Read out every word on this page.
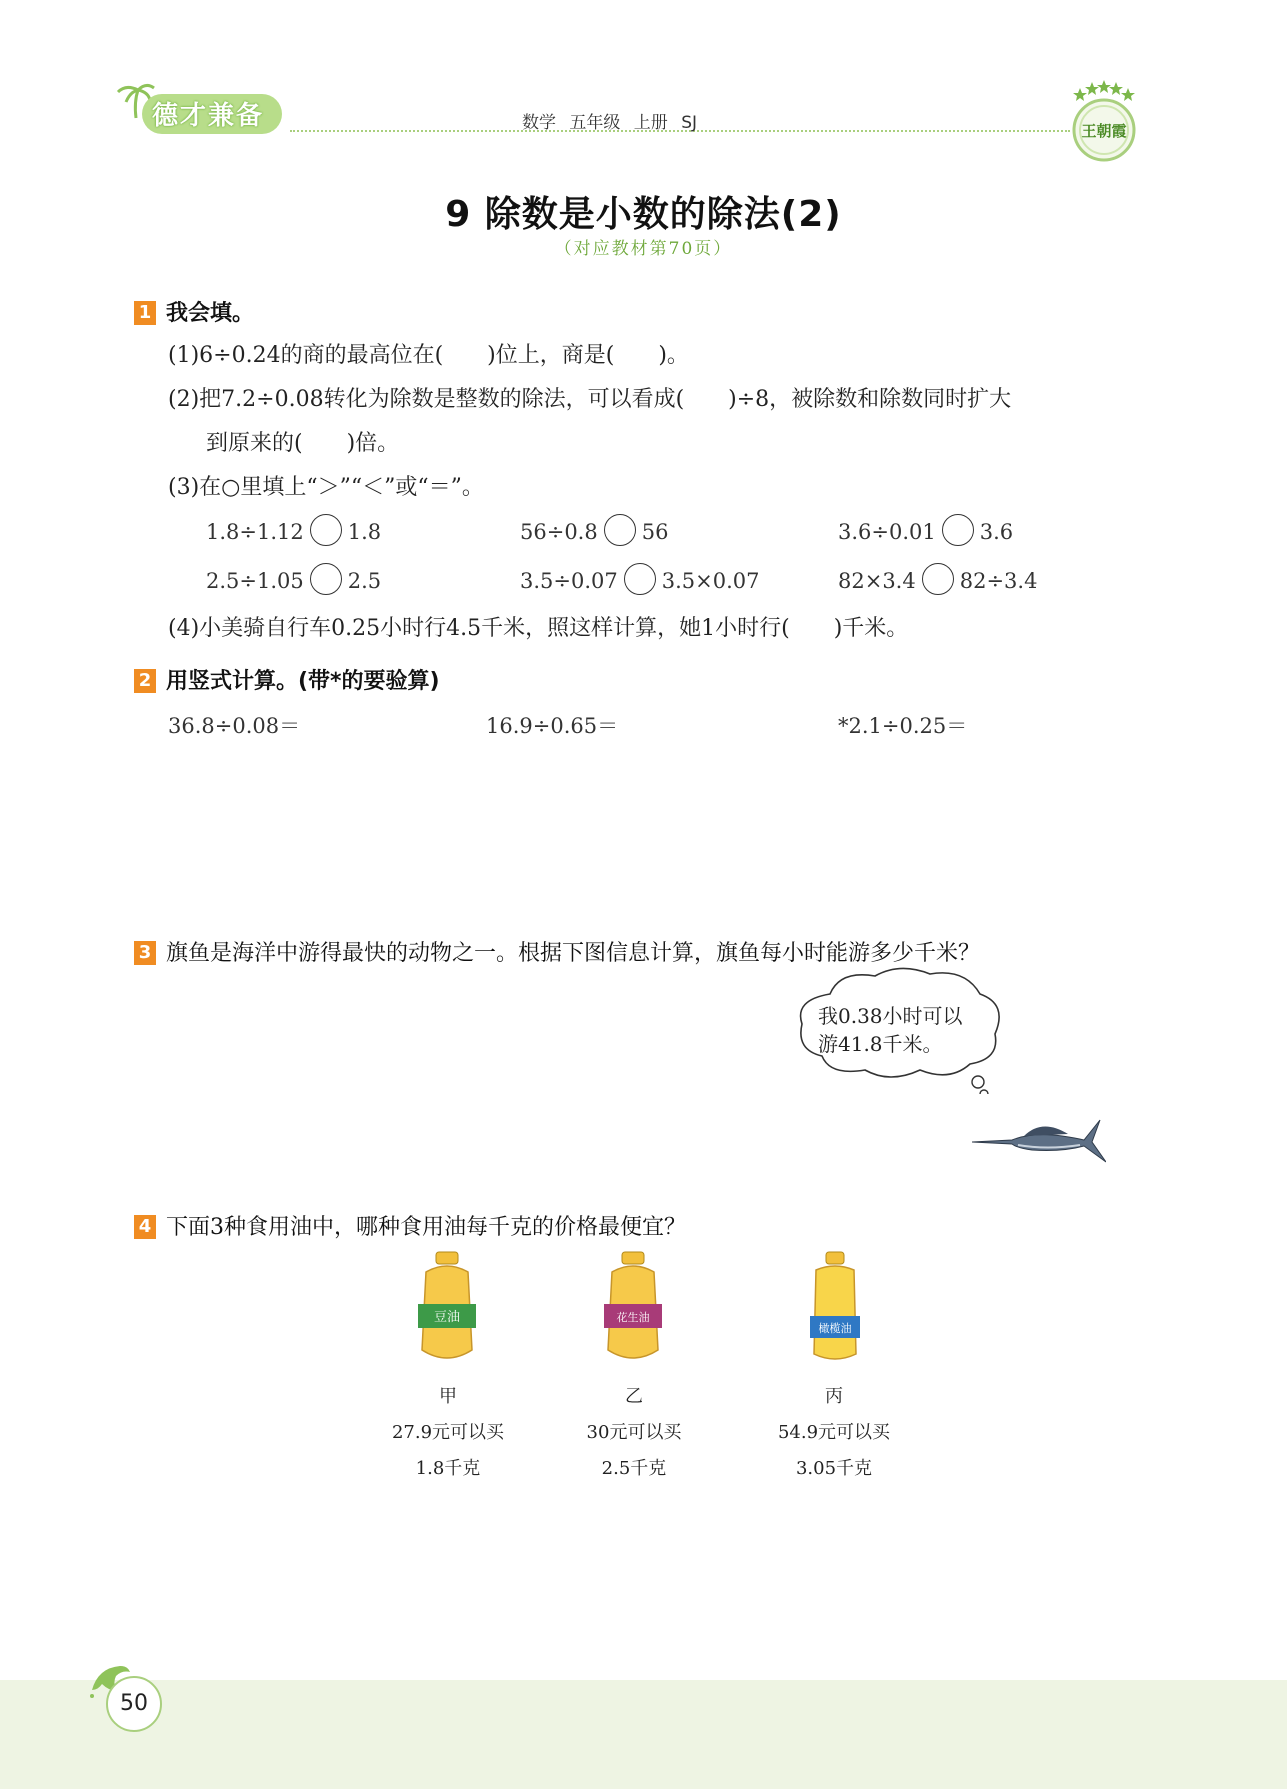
德才兼备	数学 五年级 上册 SJ	王朝霞
9 除数是小数的除法(2)
（对应教材第70页）
1 我会填。
(1)6÷0.24的商的最高位在(　　)位上，商是(　　)。
(2)把7.2÷0.08转化为除数是整数的除法，可以看成(　　)÷8，被除数和除数同时扩大
到原来的(　　)倍。
(3)在○里填上“＞”“＜”或“＝”。
1.8÷1.12 1.8	56÷0.8 56	3.6÷0.01 3.6
2.5÷1.05 2.5	3.5÷0.07 3.5×0.07	82×3.4 82÷3.4
(4)小美骑自行车0.25小时行4.5千米，照这样计算，她1小时行(　　)千米。
2 用竖式计算。(带*的要验算)
36.8÷0.08＝	16.9÷0.65＝	*2.1÷0.25＝
3 旗鱼是海洋中游得最快的动物之一。根据下图信息计算，旗鱼每小时能游多少千米？
我0.38小时可以
游41.8千米。
4 下面3种食用油中，哪种食用油每千克的价格最便宜？
豆油	花生油
橄榄油
甲
27.9元可以买
1.8千克
乙
30元可以买
2.5千克
丙
54.9元可以买
3.05千克
50
